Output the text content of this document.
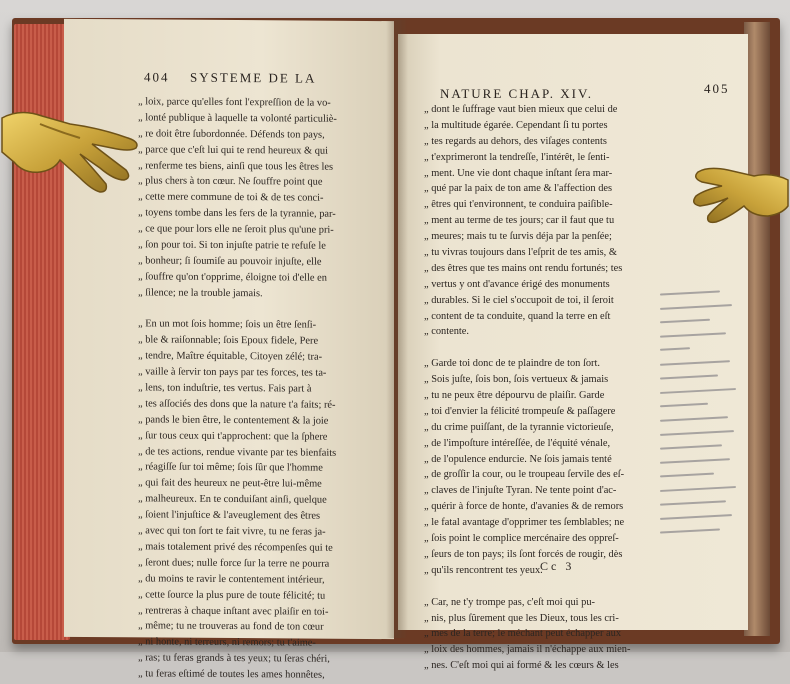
404 SYSTEME DE LA
„ loix, parce qu'elles font l'expreſſion de la vo-
„ lonté publique à laquelle ta volonté particuliè-
„ re doit être ſubordonnée. Défends ton pays,
„ parce que c'eſt lui qui te rend heureux & qui
„ renferme tes biens, ainſi que tous les êtres les
„ plus chers à ton cœur. Ne ſouffre point que
„ cette mere commune de toi & de tes conci-
„ toyens tombe dans les fers de la tyrannie, par-
„ ce que pour lors elle ne ſeroit plus qu'une pri-
„ ſon pour toi. Si ton injuſte patrie te refuſe le
„ bonheur; ſi ſoumiſe au pouvoir injuſte, elle
„ ſouffre qu'on t'opprime, éloigne toi d'elle en
„ ſilence; ne la trouble jamais.
„ En un mot ſois homme; ſois un être ſenſi-
„ ble & raiſonnable; ſois Epoux fidele, Pere
„ tendre, Maître équitable, Citoyen zélé; tra-
„ vaille à ſervir ton pays par tes forces, tes ta-
„ lens, ton induſtrie, tes vertus. Fais part à
„ tes aſſociés des dons que la nature t'a faits; ré-
„ pands le bien être, le contentement & la joie
„ ſur tous ceux qui t'approchent: que la ſphere
„ de tes actions, rendue vivante par tes bienfaits
„ réagiſſe ſur toi même; ſois ſûr que l'homme
„ qui fait des heureux ne peut-être lui-même
„ malheureux. En te conduiſant ainſi, quelque
„ ſoient l'injuſtice & l'aveuglement des êtres
„ avec qui ton ſort te fait vivre, tu ne feras ja-
„ mais totalement privé des récompenſes qui te
„ ſeront dues; nulle force ſur la terre ne pourra
„ du moins te ravir le contentement intérieur,
„ cette ſource la plus pure de toute félicité; tu
„ rentreras à chaque inſtant avec plaiſir en toi-
„ même; tu ne trouveras au fond de ton cœur
„ ni honte, ni terreurs, ni remors; tu t'aime-
„ ras; tu feras grands à tes yeux; tu ſeras chéri,
„ tu feras eſtimé de toutes les ames honnêtes,
NATURE CHAP. XIV.	405
„ dont le ſuffrage vaut bien mieux que celui de
„ la multitude égarée. Cependant ſi tu portes
„ tes regards au dehors, des viſages contents
„ t'exprimeront la tendreſſe, l'intérêt, le ſenti-
„ ment. Une vie dont chaque inſtant ſera mar-
„ qué par la paix de ton ame & l'affection des
„ êtres qui t'environnent, te conduira paiſible-
„ ment au terme de tes jours; car il faut que tu
„ meures; mais tu te ſurvis déja par la penſée;
„ tu vivras toujours dans l'eſprit de tes amis, &
„ des êtres que tes mains ont rendu fortunés; tes
„ vertus y ont d'avance érigé des monuments
„ durables. Si le ciel s'occupoit de toi, il ſeroit
„ content de ta conduite, quand la terre en eſt
„ contente.
„ Garde toi donc de te plaindre de ton ſort.
„ Sois juſte, ſois bon, ſois vertueux & jamais
„ tu ne peux être dépourvu de plaiſir. Garde
„ toi d'envier la félicité trompeuſe & paſſagere
„ du crime puiſſant, de la tyrannie victorieuſe,
„ de l'impoſture intéreſſée, de l'équité vénale,
„ de l'opulence endurcie. Ne ſois jamais tenté
„ de groſſir la cour, ou le troupeau ſervile des eſ-
„ claves de l'injuſte Tyran. Ne tente point d'ac-
„ quérir à force de honte, d'avanies & de remors
„ le fatal avantage d'opprimer tes ſemblables; ne
„ ſois point le complice mercénaire des oppreſ-
„ ſeurs de ton pays; ils ſont forcés de rougir, dès
„ qu'ils rencontrent tes yeux.
„ Car, ne t'y trompe pas, c'eſt moi qui pu-
„ nis, plus ſûrement que les Dieux, tous les cri-
„ mes de la terre; le méchant peut échapper aux
„ loix des hommes, jamais il n'échappe aux mien-
„ nes. C'eſt moi qui ai formé & les cœurs & les
Cc 3
